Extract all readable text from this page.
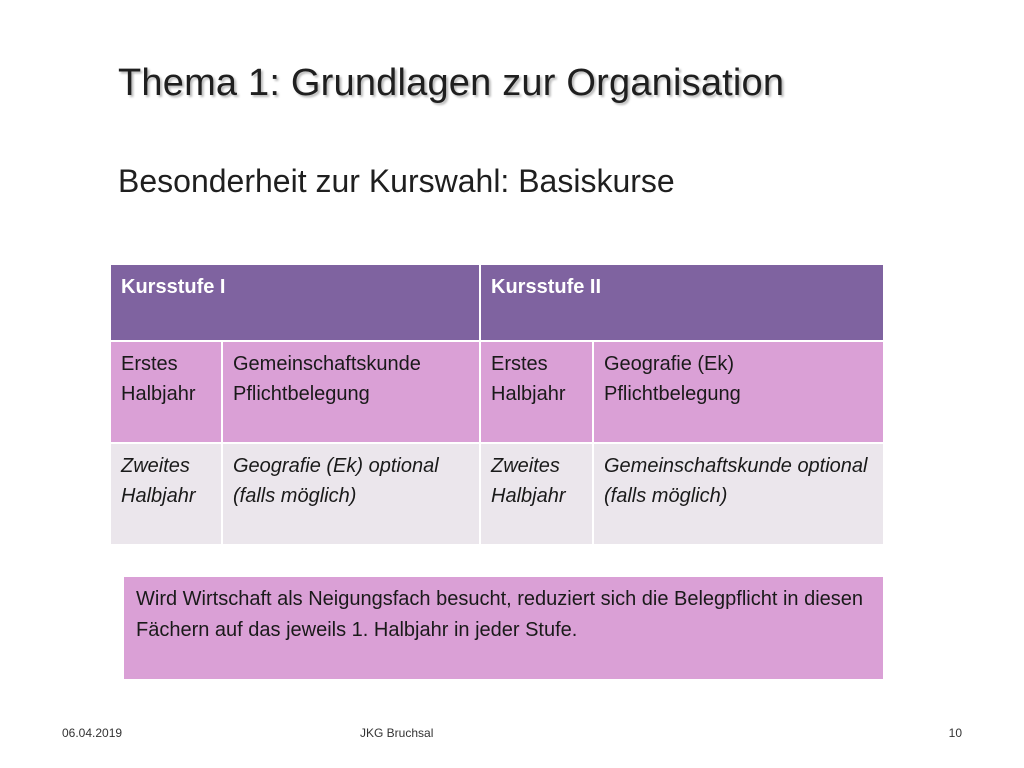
Thema 1: Grundlagen zur Organisation
Besonderheit zur Kurswahl: Basiskurse
Kursstufe I		Kursstufe II	
Erstes Halbjahr	Gemeinschaftskunde Pflichtbelegung	Erstes Halbjahr	Geografie (Ek) Pflichtbelegung
Zweites Halbjahr	Geografie (Ek) optional (falls möglich)	Zweites Halbjahr	Gemeinschaftskunde optional (falls möglich)
Wird Wirtschaft als Neigungsfach besucht, reduziert sich die Belegpflicht in diesen Fächern auf das jeweils 1. Halbjahr in jeder Stufe.
06.04.2019	JKG Bruchsal	10
